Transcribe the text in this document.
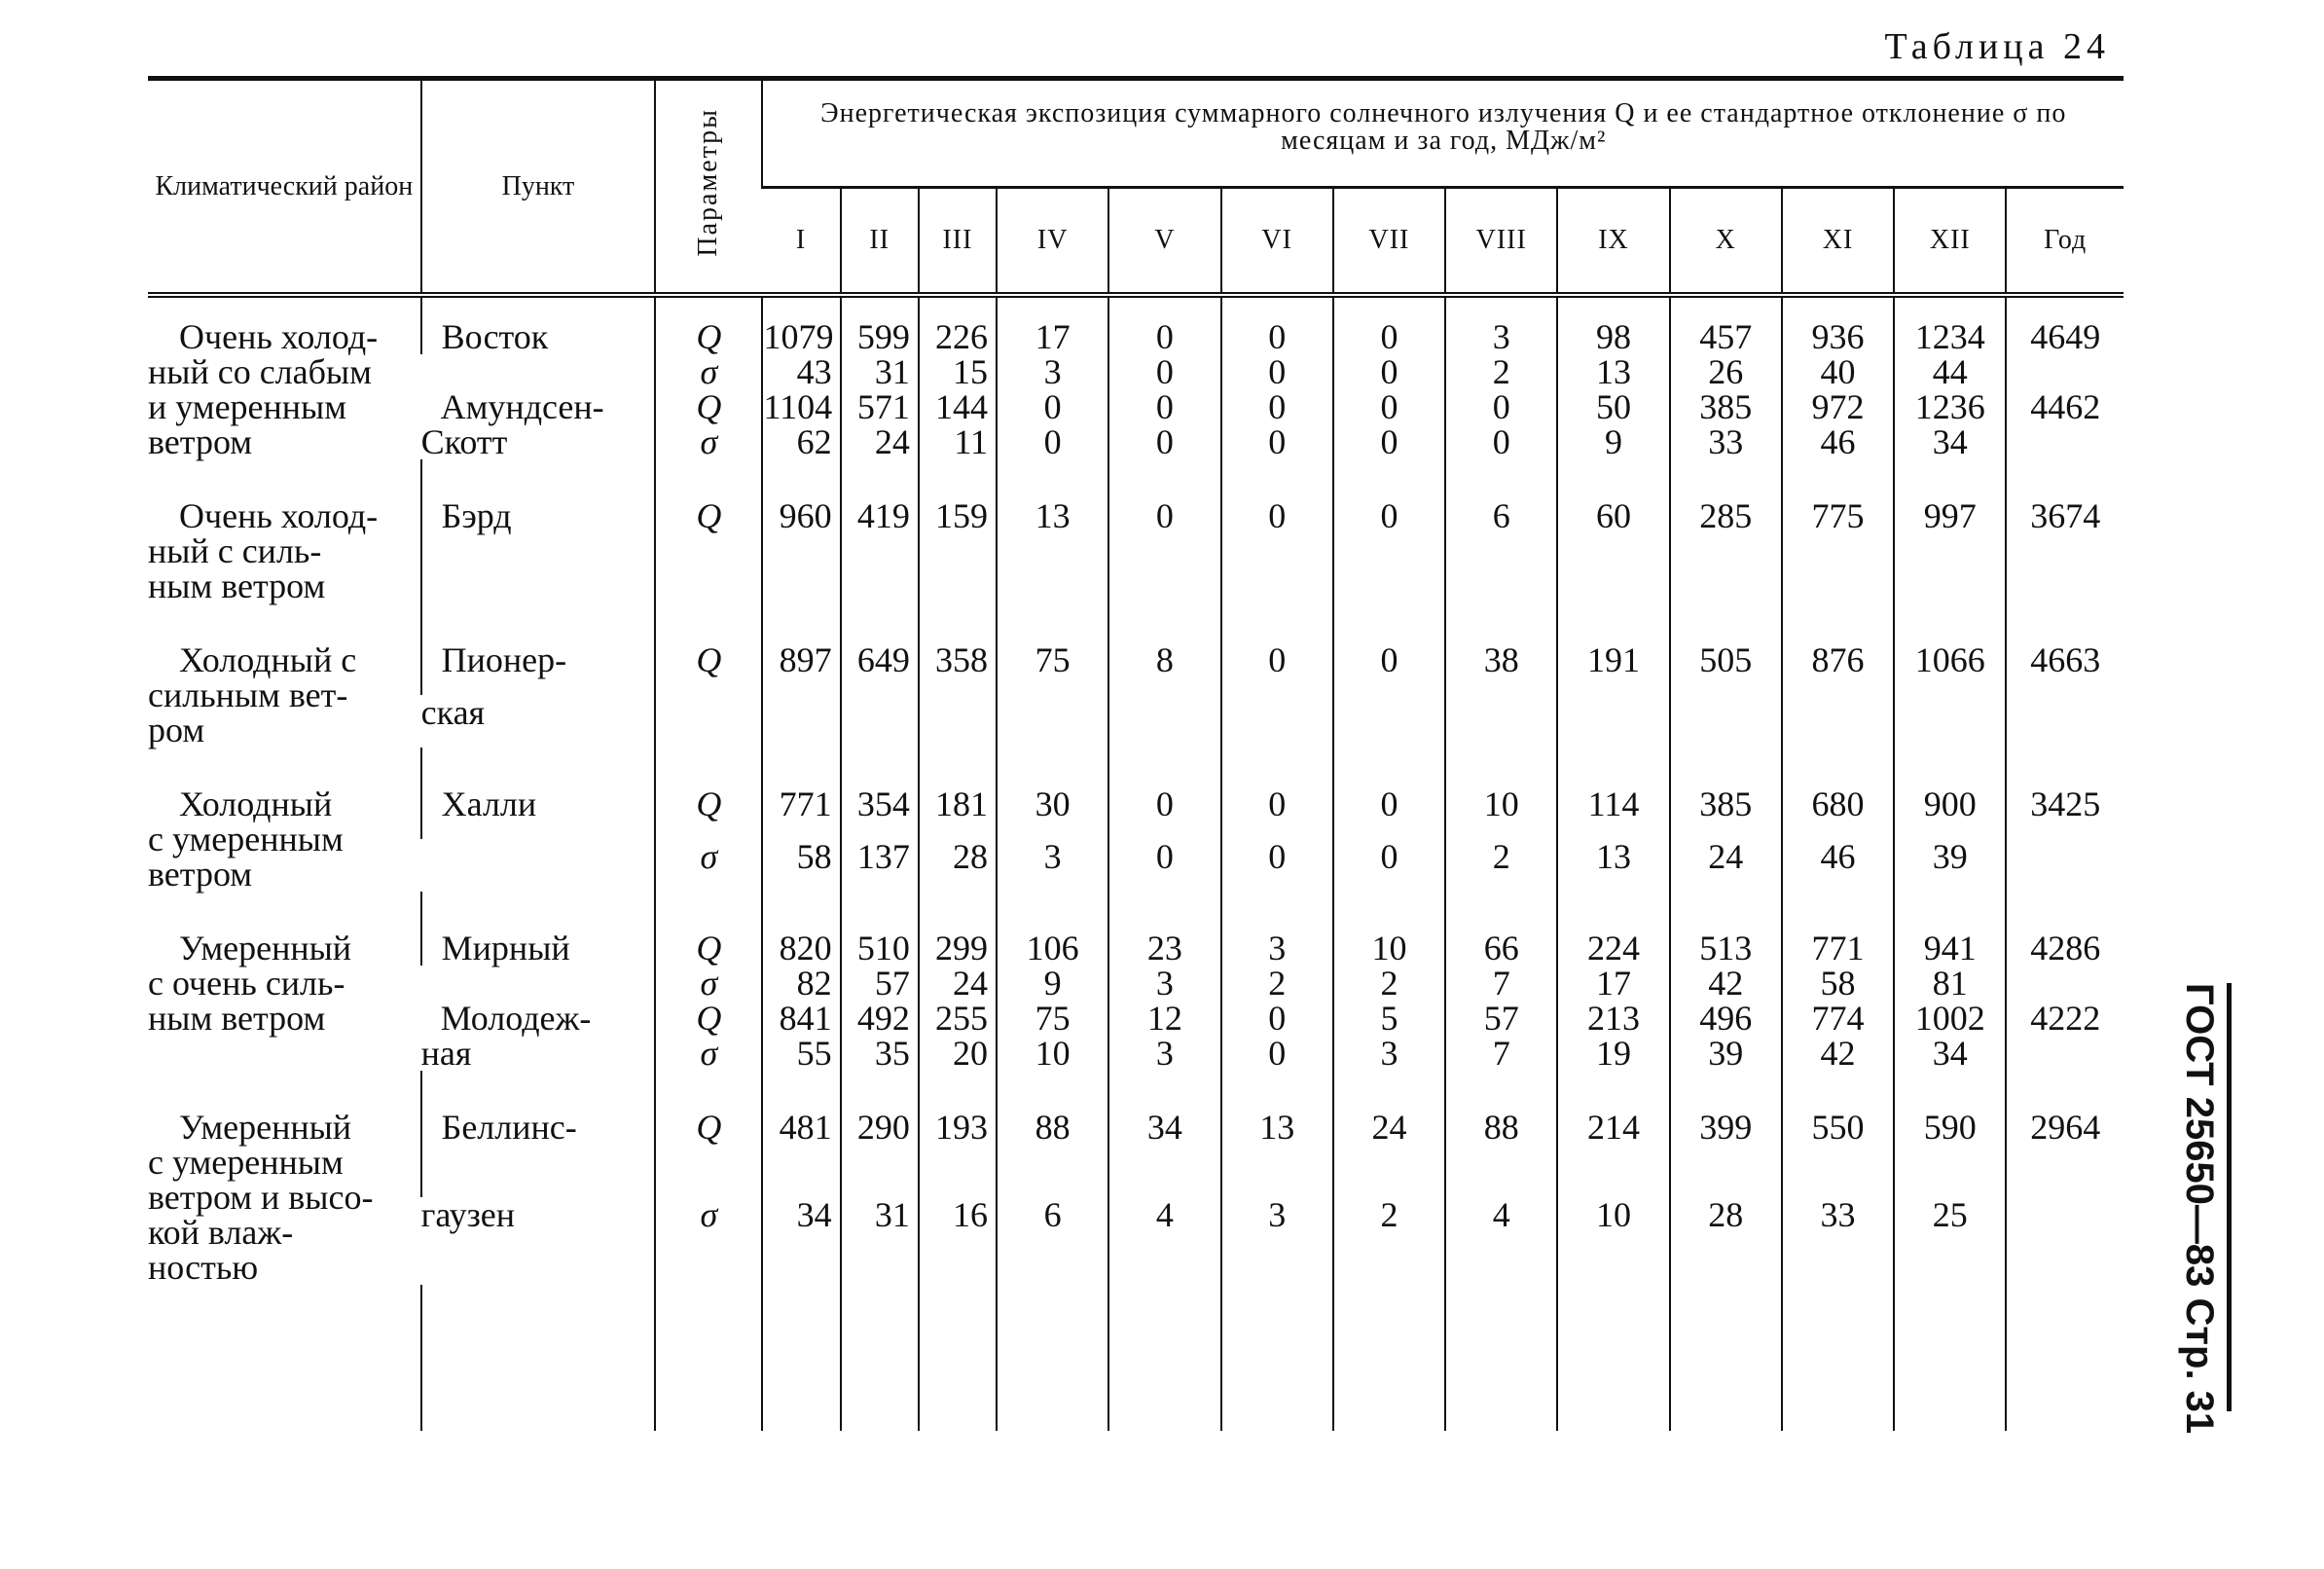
Таблица 24
Климатический район	Пункт	Параметры	Энергетическая экспозиция суммарного солнечного излучения Q и ее стандартное отклонение σ по месяцам и за год, МДж/м²												
			I	II	III	IV	V	VI	VII	VIII	IX	X	XI	XII	Год

Очень холод-
ный со слабым
и умеренным
ветром	Восток	Q	1079	599	226	17	0	0	0	3	98	457	936	1234	4649
		σ	43	31	15	3	0	0	0	2	13	26	40	44	
	Амундсен-	Q	1104	571	144	0	0	0	0	0	50	385	972	1236	4462
	Скотт	σ	62	24	11	0	0	0	0	0	9	33	46	34	

Очень холод-
ный с силь-
ным ветром	Бэрд	Q	960	419	159	13	0	0	0	6	60	285	775	997	3674

Холодный с
сильным вет-
ром	Пионер-	Q	897	649	358	75	8	0	0	38	191	505	876	1066	4663
	ская														

Холодный
с умеренным
ветром	Халли	Q	771	354	181	30	0	0	0	10	114	385	680	900	3425
		σ	58	137	28	3	0	0	0	2	13	24	46	39	

Умеренный
с очень силь-
ным ветром	Мирный	Q	820	510	299	106	23	3	10	66	224	513	771	941	4286
		σ	82	57	24	9	3	2	2	7	17	42	58	81	
	Молодеж-	Q	841	492	255	75	12	0	5	57	213	496	774	1002	4222
	ная	σ	55	35	20	10	3	0	3	7	19	39	42	34	

Умеренный
с умеренным
ветром и высо-
кой влаж-
ностью	Беллинс-	Q	481	290	193	88	34	13	24	88	214	399	550	590	2964
	гаузен	σ	34	31	16	6	4	3	2	4	10	28	33	25	
																ГОСТ 25650—83 Стр. 31
